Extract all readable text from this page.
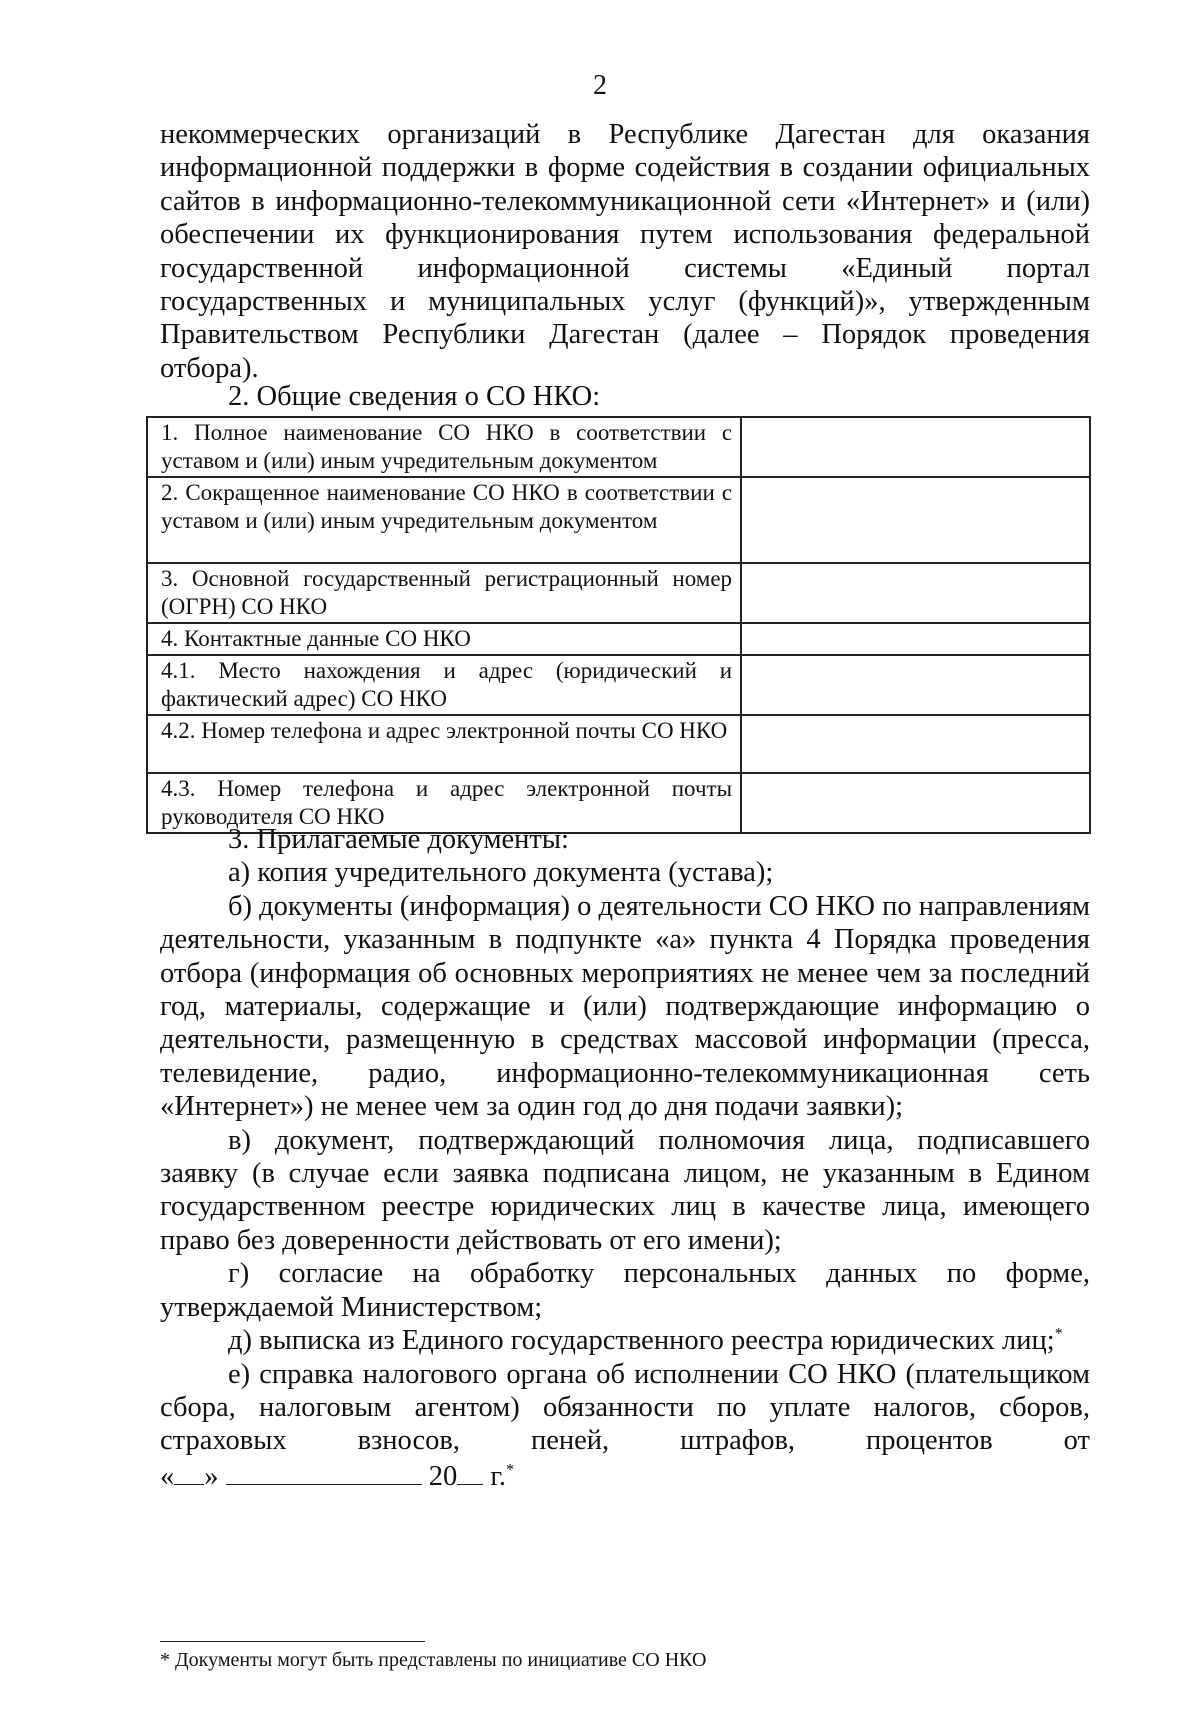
2

некоммерческих организаций в Республике Дагестан для оказания информационной поддержки в форме содействия в создании официальных сайтов в информационно-телекоммуникационной сети «Интернет» и (или) обеспечении их функционирования путем использования федеральной государственной информационной системы «Единый портал государственных и муниципальных услуг (функций)», утвержденным Правительством Республики Дагестан (далее – Порядок проведения отбора).

2. Общие сведения о СО НКО:
1. Полное наименование СО НКО в соответствии с уставом и (или) иным учредительным документом	
2. Сокращенное наименование СО НКО в соответствии с уставом и (или) иным учредительным документом	
3. Основной государственный регистрационный номер (ОГРН) СО НКО	
4. Контактные данные СО НКО	
4.1. Место нахождения и адрес (юридический и фактический адрес) СО НКО	
4.2. Номер телефона и адрес электронной почты СО НКО	
4.3. Номер телефона и адрес электронной почты руководителя СО НКО	

3. Прилагаемые документы:

а) копия учредительного документа (устава);

б) документы (информация) о деятельности СО НКО по направлениям деятельности, указанным в подпункте «а» пункта 4 Порядка проведения отбора (информация об основных мероприятиях не менее чем за последний год, материалы, содержащие и (или) подтверждающие информацию о деятельности, размещенную в средствах массовой информации (пресса, телевидение, радио, информационно-телекоммуникационная сеть «Интернет») не менее чем за один год до дня подачи заявки);

в) документ, подтверждающий полномочия лица, подписавшего заявку (в случае если заявка подписана лицом, не указанным в Едином государственном реестре юридических лиц в качестве лица, имеющего право без доверенности действовать от его имени);

г) согласие на обработку персональных данных по форме, утверждаемой Министерством;

д) выписка из Единого государственного реестра юридических лиц;*

е) справка налогового органа об исполнении СО НКО (плательщиком сбора, налоговым агентом) обязанности по уплате налогов, сборов, страховых взносов, пеней, штрафов, процентов от

« »	20 г.*

* Документы могут быть представлены по инициативе СО НКО
